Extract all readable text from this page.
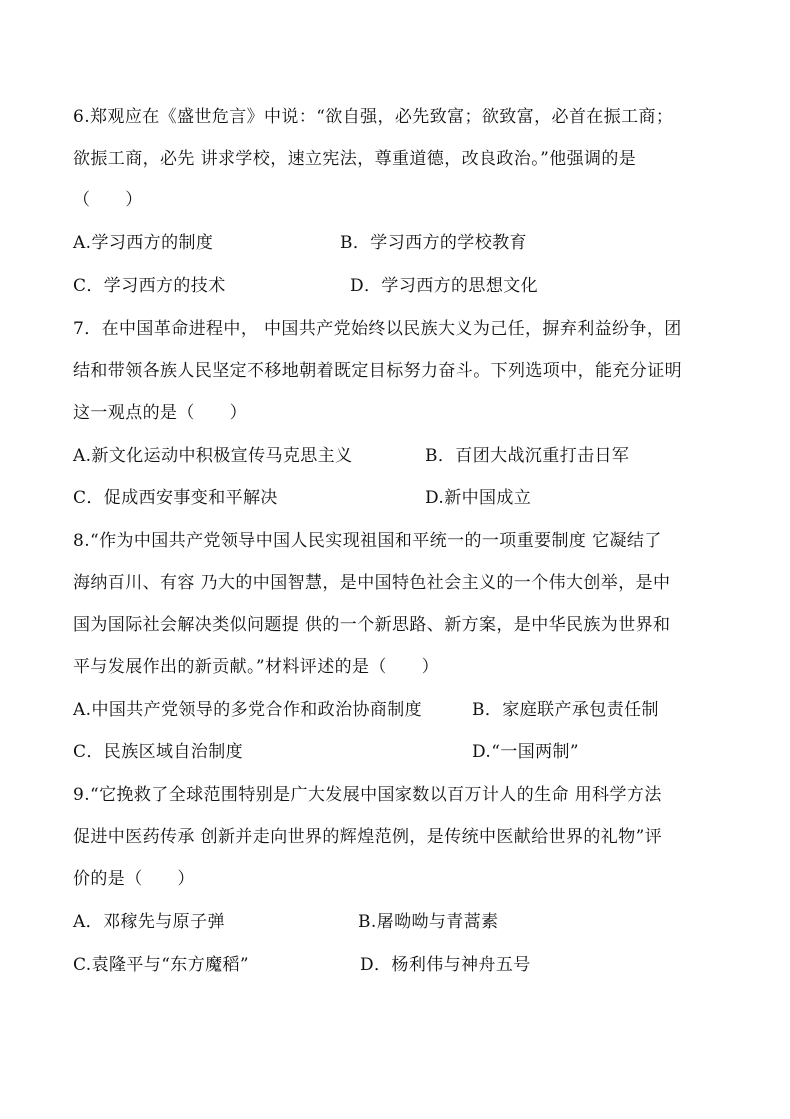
6.郑观应在《盛世危言》中说：“欲自强，必先致富；欲致富，必首在振工商；
欲振工商，必先 讲求学校，速立宪法，尊重道德，改良政治。”他强调的是
（　　）
A.学习西方的制度	B．学习西方的学校教育
C．学习西方的技术	D．学习西方的思想文化
7．在中国革命进程中， 中国共产党始终以民族大义为己任，摒弃利益纷争，团
结和带领各族人民坚定不移地朝着既定目标努力奋斗。下列选项中，能充分证明
这一观点的是（　　）
A.新文化运动中积极宣传马克思主义	B．百团大战沉重打击日军
C．促成西安事变和平解决	D.新中国成立
8.“作为中国共产党领导中国人民实现祖国和平统一的一项重要制度 它凝结了
海纳百川、有容 乃大的中国智慧，是中国特色社会主义的一个伟大创举，是中
国为国际社会解决类似问题提 供的一个新思路、新方案，是中华民族为世界和
平与发展作出的新贡献。”材料评述的是（　　）
A.中国共产党领导的多党合作和政治协商制度	B．家庭联产承包责任制
C．民族区域自治制度	D.“一国两制”
9.“它挽救了全球范围特别是广大发展中国家数以百万计人的生命 用科学方法
促进中医药传承 创新并走向世界的辉煌范例，是传统中医献给世界的礼物”评
价的是（　　）
A．邓稼先与原子弹	B.屠呦呦与青蒿素
C.袁隆平与“东方魔稻”	D．杨利伟与神舟五号
